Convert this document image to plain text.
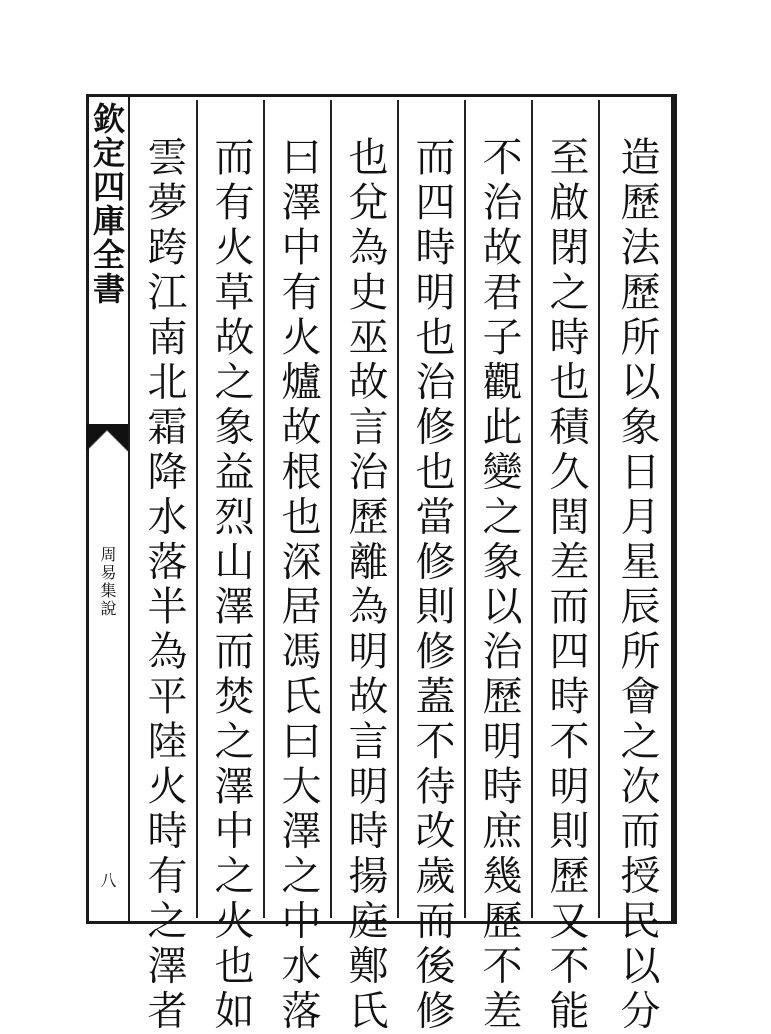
欽定四庫全書
周易集說
八	造歷法歷所以象日月星辰所會之次而授民以分
至啟閉之時也積久閏差而四時不明則歷又不能
不治故君子觀此變之象以治歷明時庶幾歷不差
而四時明也治修也當修則修蓋不待改歲而後修
也兌為史巫故言治歷離為明故言明時揚庭鄭氏
曰澤中有火爐故根也深居馮氏曰大澤之中水落
而有火草故之象益烈山澤而焚之澤中之火也如
雲夢跨江南北霜降水落半為平陸火時有之澤者
